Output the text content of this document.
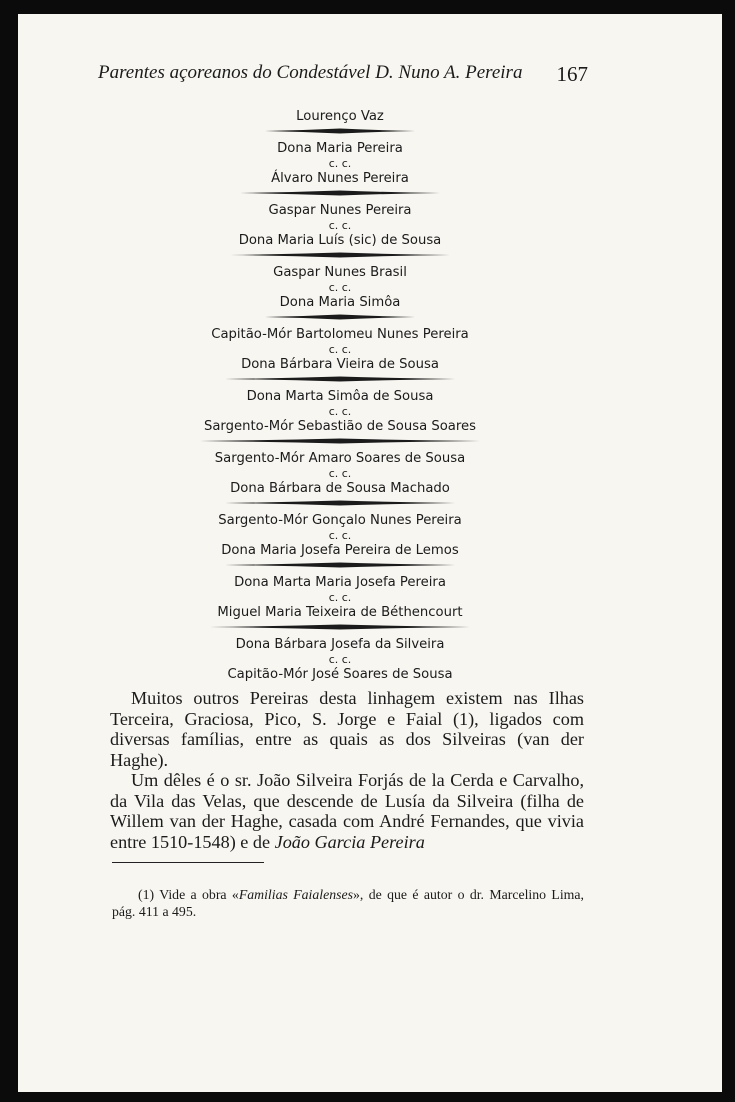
Parentes açoreanos do Condestável D. Nuno A. Pereira 167
Lourenço Vaz
Dona Maria Pereira
c. c.
Álvaro Nunes Pereira
Gaspar Nunes Pereira
c. c.
Dona Maria Luís (sic) de Sousa
Gaspar Nunes Brasil
c. c.
Dona Maria Simôa
Capitão-Mór Bartolomeu Nunes Pereira
c. c.
Dona Bárbara Vieira de Sousa
Dona Marta Simôa de Sousa
c. c.
Sargento-Mór Sebastião de Sousa Soares
Sargento-Mór Amaro Soares de Sousa
c. c.
Dona Bárbara de Sousa Machado
Sargento-Mór Gonçalo Nunes Pereira
c. c.
Dona Maria Josefa Pereira de Lemos
Dona Marta Maria Josefa Pereira
c. c.
Miguel Maria Teixeira de Béthencourt
Dona Bárbara Josefa da Silveira
c. c.
Capitão-Mór José Soares de Sousa

Muitos outros Pereiras desta linhagem existem nas Ilhas Terceira, Graciosa, Pico, S. Jorge e Faial (1), ligados com diversas famílias, entre as quais as dos Silveiras (van der Haghe).

Um dêles é o sr. João Silveira Forjás de la Cerda e Carvalho, da Vila das Velas, que descende de Lusía da Silveira (filha de Willem van der Haghe, casada com André Fernandes, que vivia entre 1510-1548) e de João Garcia Pereira

(1) Vide a obra «Familias Faialenses», de que é autor o dr. Marcelino Lima, pág. 411 a 495.
